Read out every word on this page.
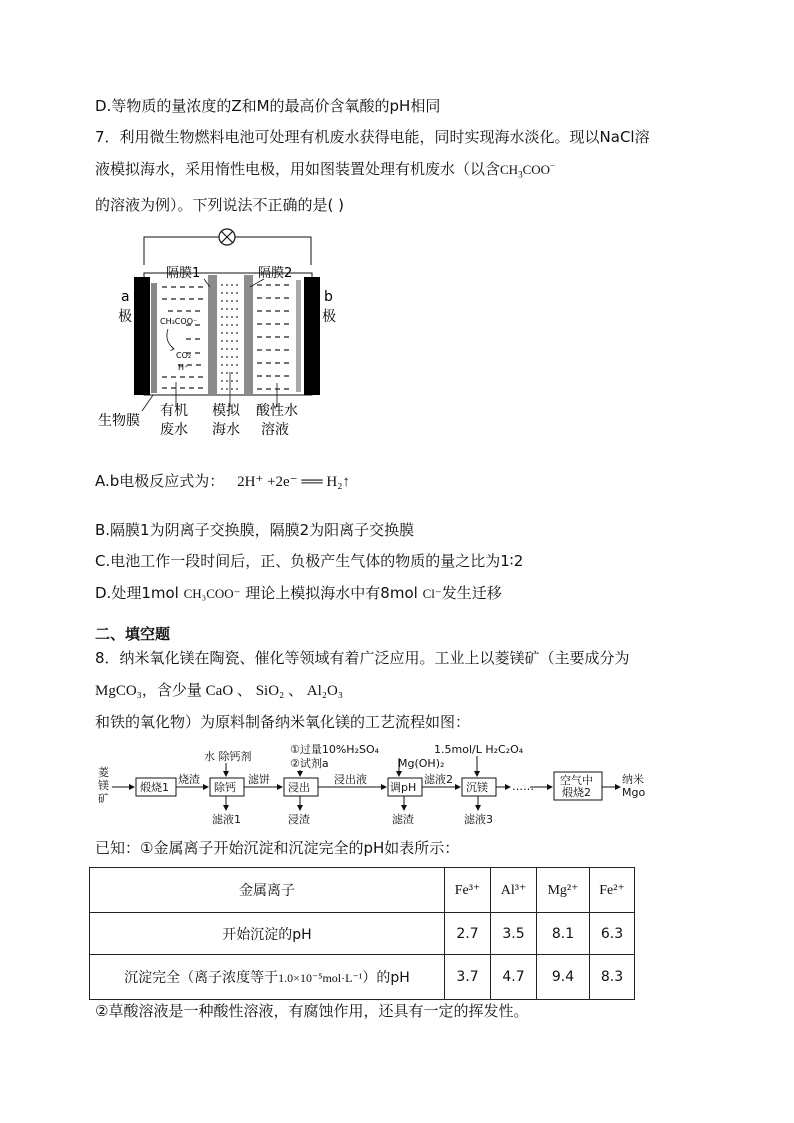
D.等物质的量浓度的Z和M的最高价含氧酸的pH相同
7．利用微生物燃料电池可处理有机废水获得电能，同时实现海水淡化。现以NaCl溶
液模拟海水，采用惰性电极，用如图装置处理有机废水（以含$CH_3COO^-$
的溶液为例）。下列说法不正确的是( )
CH₃COO⁻
CO₂
H⁺
隔膜1	隔膜2
a
极
b
极
生物膜
有机
废水
模拟
海水
酸性水
溶液
A.b电极反应式为： 2H⁺ +2e⁻ ══ H₂↑
B.隔膜1为阴离子交换膜，隔膜2为阳离子交换膜
C.电池工作一段时间后，正、负极产生气体的物质的量之比为1∶2
D.处理1mol CH₃COO⁻ 理论上模拟海水中有8mol Cl⁻发生迁移
二、填空题
8．纳米氧化镁在陶瓷、催化等领域有着广泛应用。工业上以菱镁矿（主要成分为
MgCO₃，含少量 CaO 、 SiO₂ 、 Al₂O₃
和铁的氧化物）为原料制备纳米氧化镁的工艺流程如图：
菱
镁
矿
煅烧1
烧渣
水 除钙剂
除钙
滤液1
滤饼
①过量10%H₂SO₄
②试剂a
浸出
浸渣
浸出液
Mg(OH)₂
调pH
滤渣
滤液2
1.5mol/L H₂C₂O₄
沉镁
滤液3
…… 空气中
煅烧2
纳米
Mgo
已知：①金属离子开始沉淀和沉淀完全的pH如表所示：
金属离子	Fe³⁺	Al³⁺	Mg²⁺	Fe²⁺
开始沉淀的pH	2.7	3.5	8.1	6.3
沉淀完全（离子浓度等于1.0×10⁻⁵mol·L⁻¹）的pH	3.7	4.7	9.4	8.3
②草酸溶液是一种酸性溶液，有腐蚀作用，还具有一定的挥发性。
